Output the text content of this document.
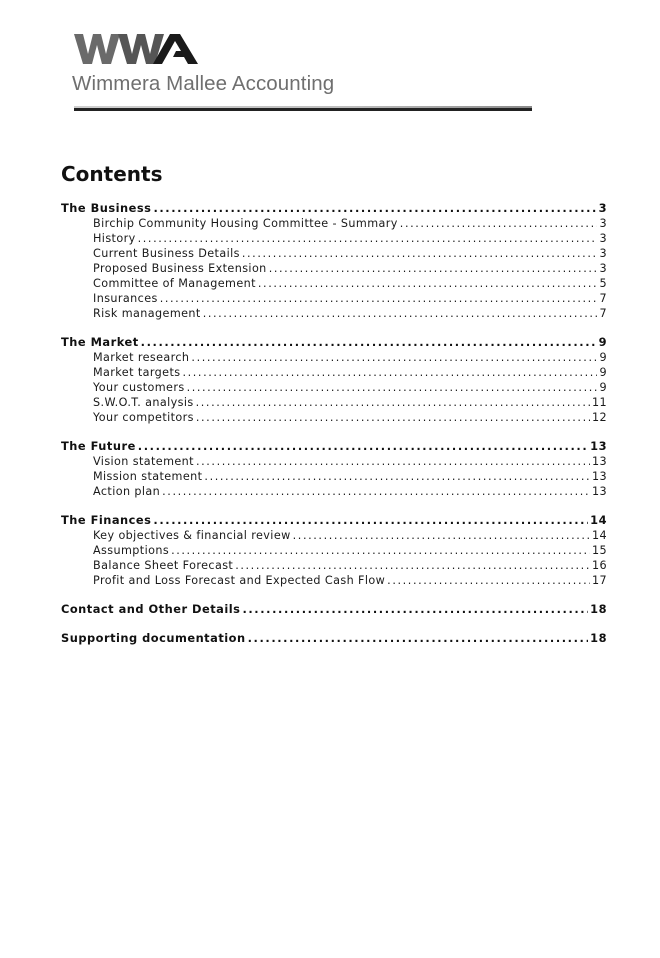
Wimmera Mallee Accounting
Contents
The Business .....	3
Birchip Community Housing Committee - Summary .....	3
History .....	3
Current Business Details .....	3
Proposed Business Extension .....	3
Committee of Management .....	5
Insurances .....	7
Risk management .....	7
The Market .....	9
Market research .....	9
Market targets .....	9
Your customers .....	9
S.W.O.T. analysis .....	11
Your competitors .....	12
The Future .....	13
Vision statement .....	13
Mission statement .....	13
Action plan .....	13
The Finances .....	14
Key objectives & financial review .....	14
Assumptions .....	15
Balance Sheet Forecast .....	16
Profit and Loss Forecast and Expected Cash Flow .....	17
Contact and Other Details .....	18
Supporting documentation .....	18
